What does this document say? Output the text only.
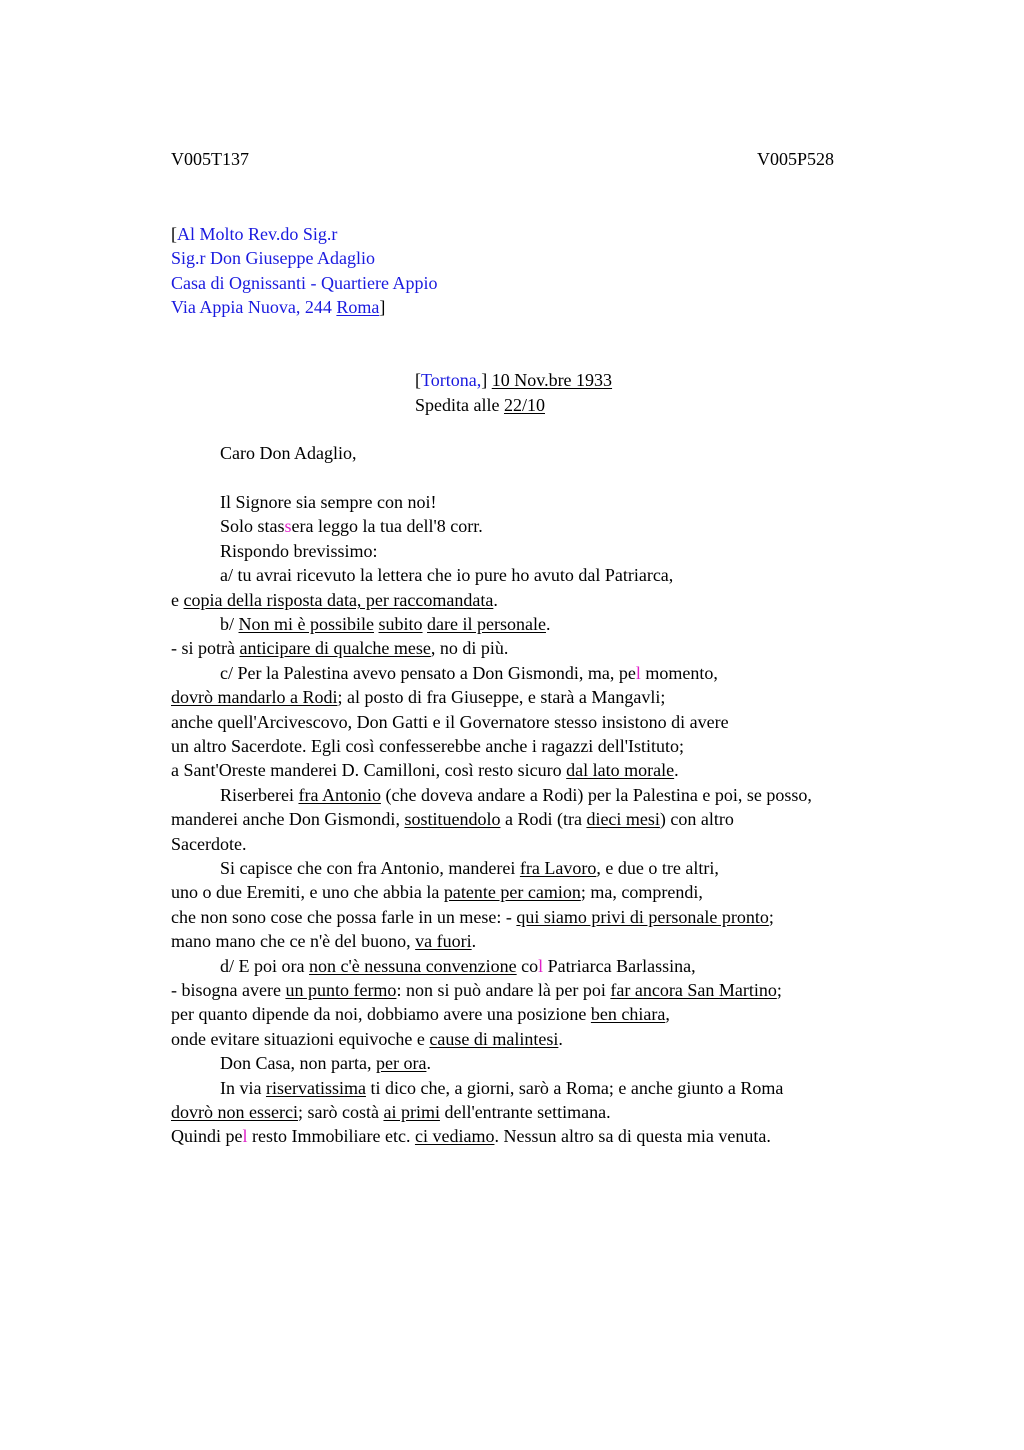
V005T137	V005P528
[Al Molto Rev.do Sig.r
Sig.r Don Giuseppe Adaglio
Casa di Ognissanti - Quartiere Appio
Via Appia Nuova, 244 Roma]
[Tortona,] 10 Nov.bre 1933
Spedita alle 22/10
Caro Don Adaglio,
Il Signore sia sempre con noi!
Solo stassera leggo la tua dell'8 corr.
Rispondo brevissimo:
a/ tu avrai ricevuto la lettera che io pure ho avuto dal Patriarca,
e copia della risposta data, per raccomandata.
b/ Non mi è possibile subito dare il personale.
- si potrà anticipare di qualche mese, no di più.
c/ Per la Palestina avevo pensato a Don Gismondi, ma, pel momento,
dovrò mandarlo a Rodi; al posto di fra Giuseppe, e starà a Mangavli;
anche quell'Arcivescovo, Don Gatti e il Governatore stesso insistono di avere
un altro Sacerdote. Egli così confesserebbe anche i ragazzi dell'Istituto;
a Sant'Oreste manderei D. Camilloni, così resto sicuro dal lato morale.
Riserberei fra Antonio (che doveva andare a Rodi) per la Palestina e poi, se posso,
manderei anche Don Gismondi, sostituendolo a Rodi (tra dieci mesi) con altro
Sacerdote.
Si capisce che con fra Antonio, manderei fra Lavoro, e due o tre altri,
uno o due Eremiti, e uno che abbia la patente per camion; ma, comprendi,
che non sono cose che possa farle in un mese: - qui siamo privi di personale pronto;
mano mano che ce n'è del buono, va fuori.
d/ E poi ora non c'è nessuna convenzione col Patriarca Barlassina,
- bisogna avere un punto fermo: non si può andare là per poi far ancora San Martino;
per quanto dipende da noi, dobbiamo avere una posizione ben chiara,
onde evitare situazioni equivoche e cause di malintesi.
Don Casa, non parta, per ora.
In via riservatissima ti dico che, a giorni, sarò a Roma; e anche giunto a Roma
dovrò non esserci; sarò costà ai primi dell'entrante settimana.
Quindi pel resto Immobiliare etc. ci vediamo. Nessun altro sa di questa mia venuta.
